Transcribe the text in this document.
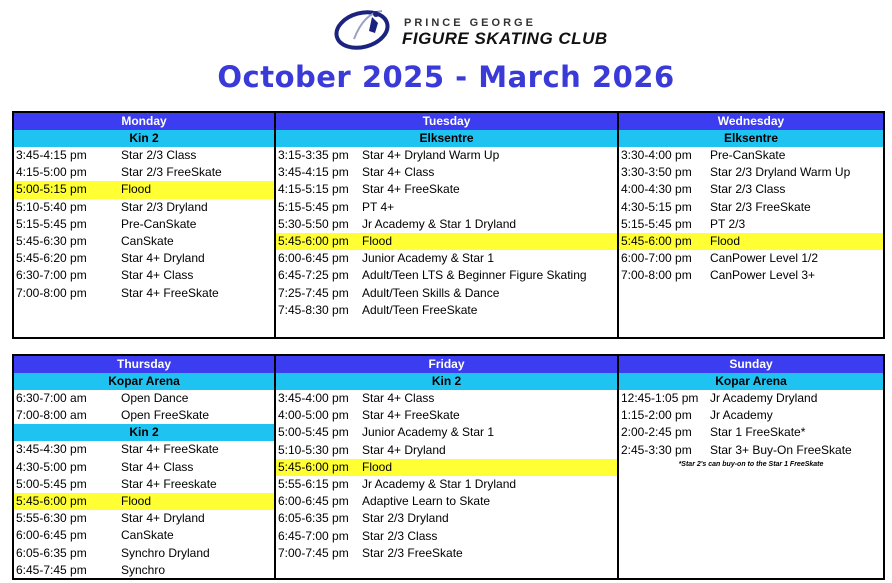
PRINCE GEORGE
FIGURE SKATING CLUB
October 2025 - March 2026
Monday
Kin 2
3:45-4:15 pm	Star 2/3 Class
4:15-5:00 pm	Star 2/3 FreeSkate
5:00-5:15 pm	Flood
5:10-5:40 pm	Star 2/3 Dryland
5:15-5:45 pm	Pre-CanSkate
5:45-6:30 pm	CanSkate
5:45-6:20 pm	Star 4+ Dryland
6:30-7:00 pm	Star 4+ Class
7:00-8:00 pm	Star 4+ FreeSkate
Tuesday
Elksentre
3:15-3:35 pm Star 4+ Dryland Warm Up
3:45-4:15 pm Star 4+ Class
4:15-5:15 pm Star 4+ FreeSkate
5:15-5:45 pm PT 4+
5:30-5:50 pm Jr Academy & Star 1 Dryland
5:45-6:00 pm Flood
6:00-6:45 pm Junior Academy & Star 1
6:45-7:25 pm Adult/Teen LTS & Beginner Figure Skating
7:25-7:45 pm Adult/Teen Skills & Dance
7:45-8:30 pm Adult/Teen FreeSkate
Wednesday
Elksentre
3:30-4:00 pm Pre-CanSkate
3:30-3:50 pm Star 2/3 Dryland Warm Up
4:00-4:30 pm Star 2/3 Class
4:30-5:15 pm Star 2/3 FreeSkate
5:15-5:45 pm PT 2/3
5:45-6:00 pm Flood
6:00-7:00 pm CanPower Level 1/2
7:00-8:00 pm CanPower Level 3+
Thursday
Kopar Arena
6:30-7:00 am	Open Dance
7:00-8:00 am	Open FreeSkate
Kin 2
3:45-4:30 pm	Star 4+ FreeSkate
4:30-5:00 pm	Star 4+ Class
5:00-5:45 pm	Star 4+ Freeskate
5:45-6:00 pm	Flood
5:55-6:30 pm	Star 4+ Dryland
6:00-6:45 pm	CanSkate
6:05-6:35 pm	Synchro Dryland
6:45-7:45 pm	Synchro
Friday
Kin 2
3:45-4:00 pm Star 4+ Class
4:00-5:00 pm Star 4+ FreeSkate
5:00-5:45 pm Junior Academy & Star 1
5:10-5:30 pm Star 4+ Dryland
5:45-6:00 pm Flood
5:55-6:15 pm Jr Academy & Star 1 Dryland
6:00-6:45 pm Adaptive Learn to Skate
6:05-6:35 pm Star 2/3 Dryland
6:45-7:00 pm Star 2/3 Class
7:00-7:45 pm Star 2/3 FreeSkate
Sunday
Kopar Arena
12:45-1:05 pm Jr Academy Dryland
1:15-2:00 pm Jr Academy
2:00-2:45 pm Star 1 FreeSkate*
2:45-3:30 pm Star 3+ Buy-On FreeSkate
*Star 2's can buy-on to the Star 1 FreeSkate
